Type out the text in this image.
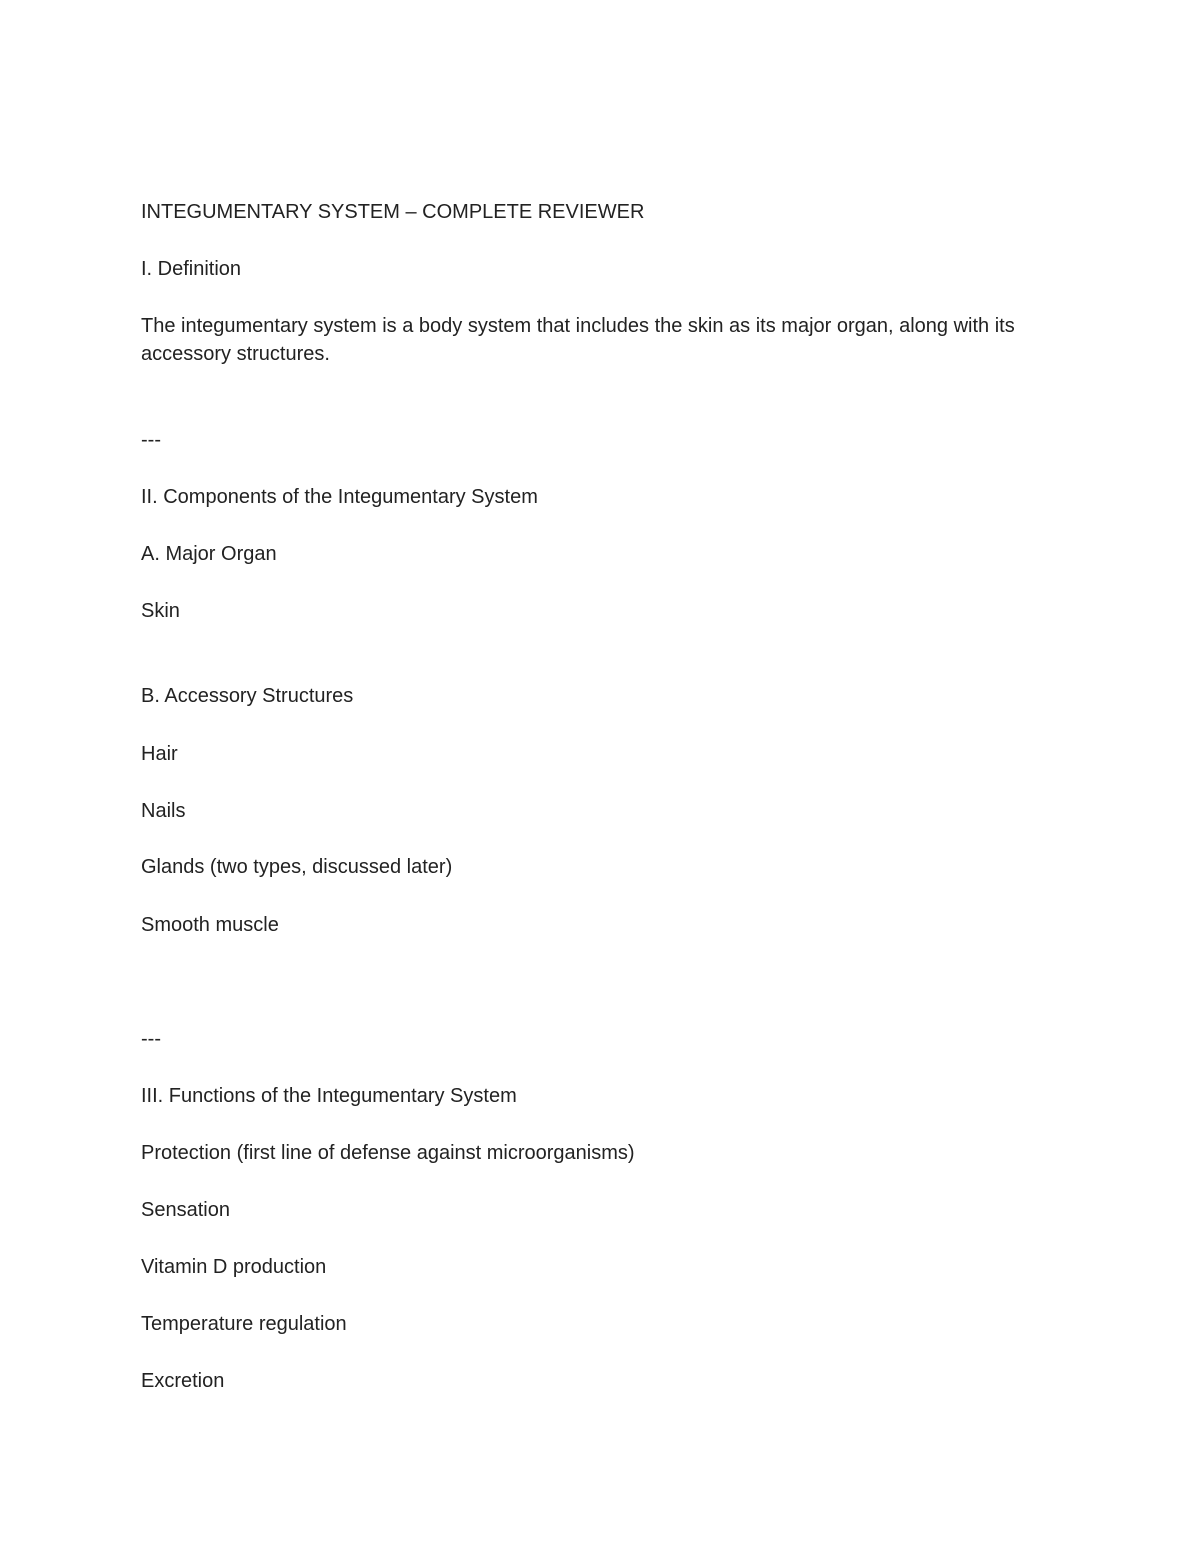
INTEGUMENTARY SYSTEM – COMPLETE REVIEWER
I. Definition
The integumentary system is a body system that includes the skin as its major organ, along with its accessory structures.
---
II. Components of the Integumentary System
A. Major Organ
Skin
B. Accessory Structures
Hair
Nails
Glands (two types, discussed later)
Smooth muscle
---
III. Functions of the Integumentary System
Protection (first line of defense against microorganisms)
Sensation
Vitamin D production
Temperature regulation
Excretion
